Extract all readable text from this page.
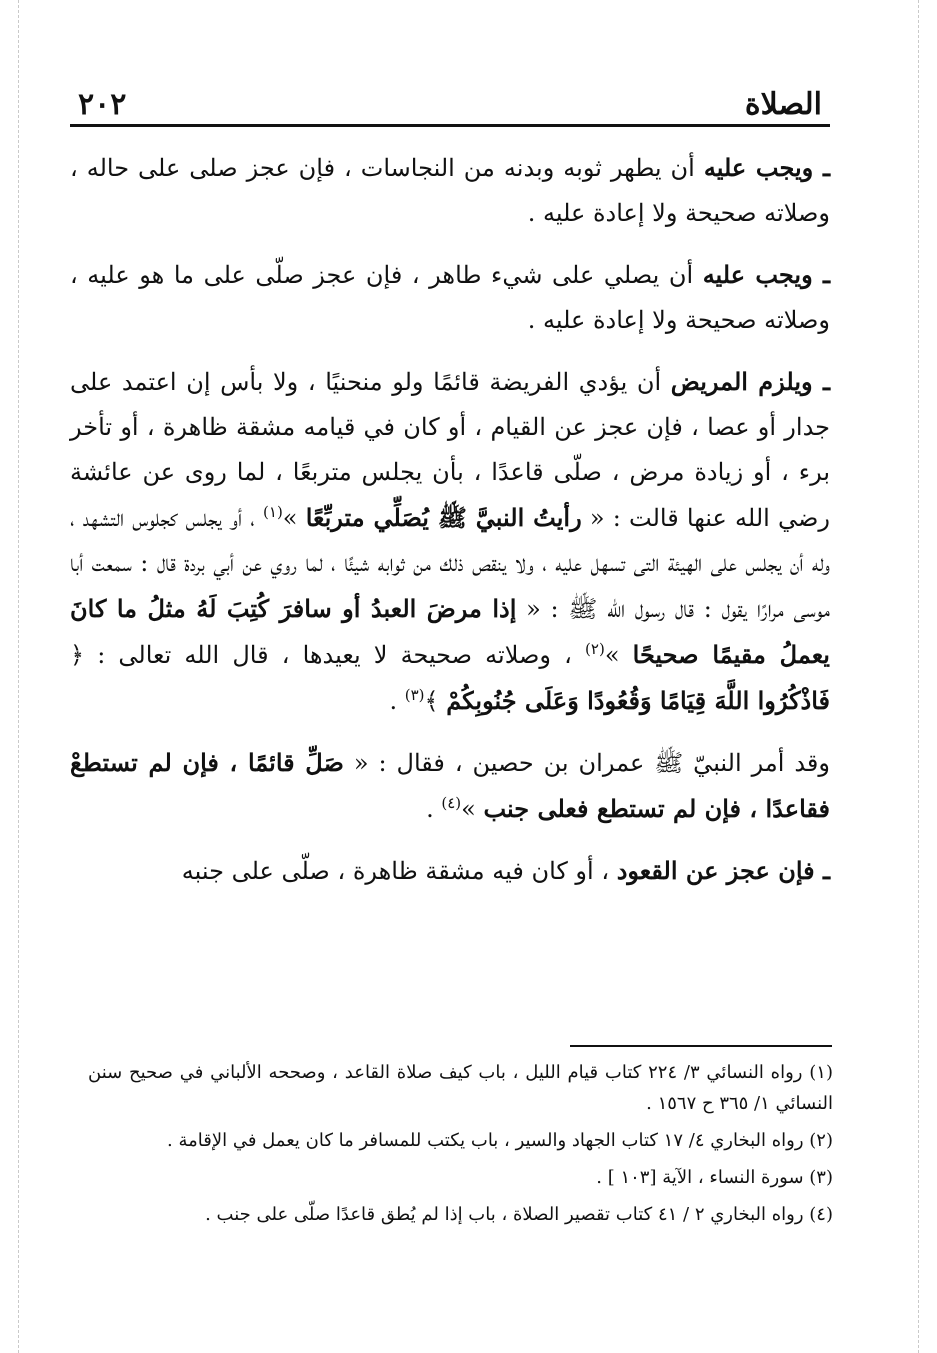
الصلاة
٢٠٢

ـ ويجب عليه أن يطهر ثوبه وبدنه من النجاسات ، فإن عجز صلى على حاله ، وصلاته صحيحة ولا إعادة عليه .

ـ ويجب عليه أن يصلي على شيء طاهر ، فإن عجز صلّى على ما هو عليه ، وصلاته صحيحة ولا إعادة عليه .

ـ ويلزم المريض أن يؤدي الفريضة قائمًا ولو منحنيًا ، ولا بأس إن اعتمد على جدار أو عصا ، فإن عجز عن القيام ، أو كان في قيامه مشقة ظاهرة ، أو تأخر برء ، أو زيادة مرض ، صلّى قاعدًا ، بأن يجلس متربعًا ، لما روى عن عائشة رضي الله عنها قالت : « رأيتُ النبيَّ ﷺ يُصَلِّي متربِّعًا »$^{(١)}$ ، أو يجلس كجلوس التشهد ، وله أن يجلس على الهيئة التى تسهل عليه ، ولا ينقص ذلك من ثوابه شيئًا ، لما روي عن أبي بردة قال : سمعت أبا موسى مرارًا يقول : قال رسول الله ﷺ : « إذا مرضَ العبدُ أو سافرَ كُتِبَ لَهُ مثلُ ما كانَ يعملُ مقيمًا صحيحًا »$^{(٢)}$ ، وصلاته صحيحة لا يعيدها ، قال الله تعالى : ﴿ فَاذْكُرُوا اللَّهَ قِيَامًا وَقُعُودًا وَعَلَى جُنُوبِكُمْ ﴾$^{(٣)}$ .

وقد أمر النبيّ ﷺ عمران بن حصين ، فقال : « صَلِّ قائمًا ، فإن لم تستطعْ فقاعدًا ، فإن لم تستطع فعلى جنب »$^{(٤)}$ .

ـ فإن عجز عن القعود ، أو كان فيه مشقة ظاهرة ، صلّى على جنبه

(١) رواه النسائي ٣/ ٢٢٤ كتاب قيام الليل ، باب كيف صلاة القاعد ، وصححه الألباني في صحيح سنن النسائي ١/ ٣٦٥ ح ١٥٦٧ .

(٢) رواه البخاري ٤/ ١٧ كتاب الجهاد والسير ، باب يكتب للمسافر ما كان يعمل في الإقامة .

(٣) سورة النساء ، الآية [١٠٣ ] .

(٤) رواه البخاري ٢ / ٤١ كتاب تقصير الصلاة ، باب إذا لم يُطق قاعدًا صلّى على جنب .
